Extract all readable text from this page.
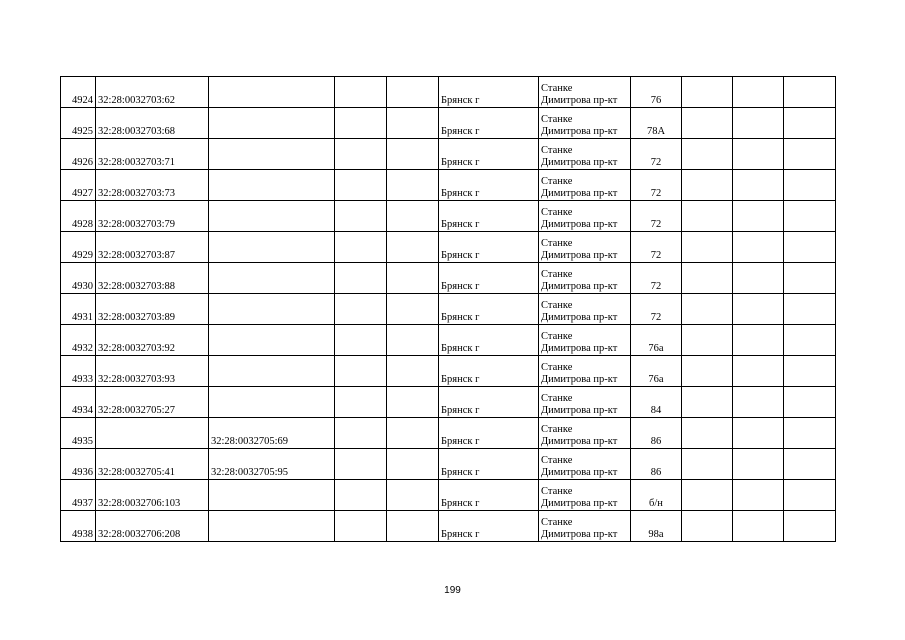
4924	32:28:0032703:62				Брянск г	Станке
Димитрова пр-кт	76			
4925	32:28:0032703:68				Брянск г	Станке
Димитрова пр-кт	78А			
4926	32:28:0032703:71				Брянск г	Станке
Димитрова пр-кт	72			
4927	32:28:0032703:73				Брянск г	Станке
Димитрова пр-кт	72			
4928	32:28:0032703:79				Брянск г	Станке
Димитрова пр-кт	72			
4929	32:28:0032703:87				Брянск г	Станке
Димитрова пр-кт	72			
4930	32:28:0032703:88				Брянск г	Станке
Димитрова пр-кт	72			
4931	32:28:0032703:89				Брянск г	Станке
Димитрова пр-кт	72			
4932	32:28:0032703:92				Брянск г	Станке
Димитрова пр-кт	76а			
4933	32:28:0032703:93				Брянск г	Станке
Димитрова пр-кт	76а			
4934	32:28:0032705:27				Брянск г	Станке
Димитрова пр-кт	84			
4935		32:28:0032705:69			Брянск г	Станке
Димитрова пр-кт	86			
4936	32:28:0032705:41	32:28:0032705:95			Брянск г	Станке
Димитрова пр-кт	86			
4937	32:28:0032706:103				Брянск г	Станке
Димитрова пр-кт	б/н			
4938	32:28:0032706:208				Брянск г	Станке
Димитрова пр-кт	98а			
199
